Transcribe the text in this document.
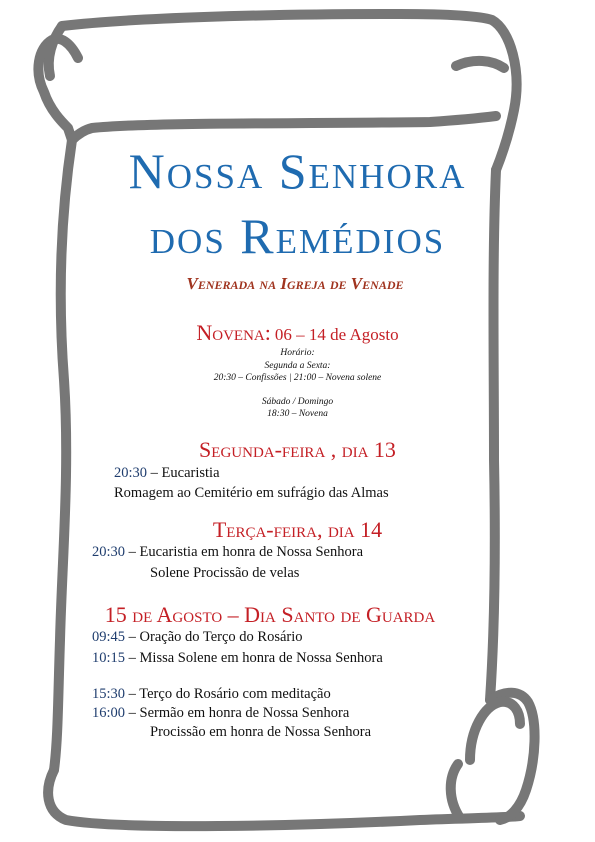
Nossa Senhora
dos Remédios
Venerada na Igreja de Venade
Novena: 06 – 14 de Agosto
Horário:
Segunda a Sexta:
20:30 – Confissões | 21:00 – Novena solene
Sábado / Domingo
18:30 – Novena
Segunda-feira , dia 13
20:30 – Eucaristia
Romagem ao Cemitério em sufrágio das Almas
Terça-feira, dia 14
20:30 – Eucaristia em honra de Nossa Senhora
Solene Procissão de velas
15 de Agosto – Dia Santo de Guarda
09:45 – Oração do Terço do Rosário
10:15 – Missa Solene em honra de Nossa Senhora
15:30 – Terço do Rosário com meditação
16:00 – Sermão em honra de Nossa Senhora
Procissão em honra de Nossa Senhora
